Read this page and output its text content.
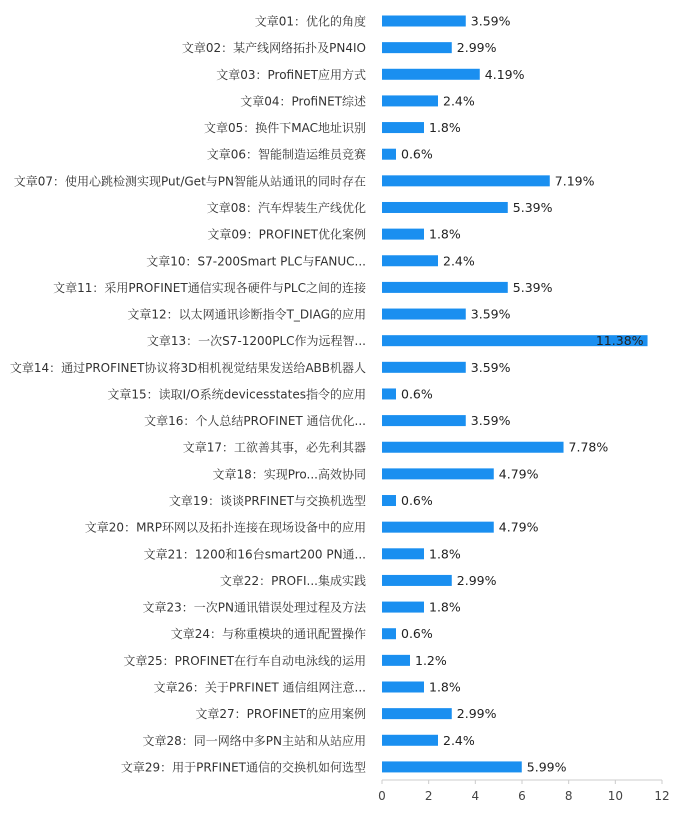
文章01：优化的角度	3.59%
文章02：某产线网络拓扑及PN4IO	2.99%
文章03：ProfiNET应用方式	4.19%
文章04：ProfiNET综述	2.4%
文章05：换件下MAC地址识别	1.8%
文章06：智能制造运维员竞赛	0.6%
文章07：使用心跳检测实现Put/Get与PN智能从站通讯的同时存在	7.19%
文章08：汽车焊装生产线优化	5.39%
文章09：PROFINET优化案例	1.8%
文章10：S7-200Smart PLC与FANUC...	2.4%
文章11：采用PROFINET通信实现各硬件与PLC之间的连接	5.39%
文章12：以太网通讯诊断指令T_DIAG的应用	3.59%
文章13：一次S7-1200PLC作为远程智...	11.38%
文章14：通过PROFINET协议将3D相机视觉结果发送给ABB机器人	3.59%
文章15：读取I/O系统devicesstates指令的应用	0.6%
文章16：个人总结PROFINET 通信优化...	3.59%
文章17：工欲善其事，必先利其器	7.78%
文章18：实现Pro...高效协同	4.79%
文章19：谈谈PRFINET与交换机选型	0.6%
文章20：MRP环网以及拓扑连接在现场设备中的应用	4.79%
文章21：1200和16台smart200 PN通...	1.8%
文章22：PROFI...集成实践	2.99%
文章23：一次PN通讯错误处理过程及方法	1.8%
文章24：与称重模块的通讯配置操作	0.6%
文章25：PROFINET在行车自动电泳线的运用	1.2%
文章26：关于PRFINET 通信组网注意...	1.8%
文章27：PROFINET的应用案例	2.99%
文章28：同一网络中多PN主站和从站应用	2.4%
文章29：用于PRFINET通信的交换机如何选型	5.99%
0	2	4	6	8	10	12
